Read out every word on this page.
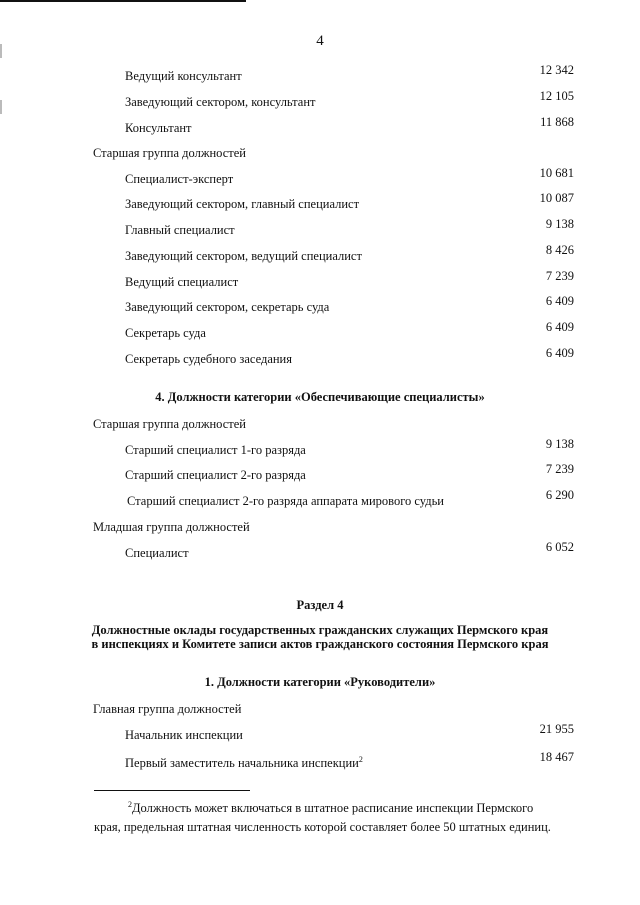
4
Ведущий консультант	12 342
Заведующий сектором, консультант	12 105
Консультант	11 868
Старшая группа должностей
Специалист-эксперт	10 681
Заведующий сектором, главный специалист	10 087
Главный специалист	9 138
Заведующий сектором, ведущий специалист	8 426
Ведущий специалист	7 239
Заведующий сектором, секретарь суда	6 409
Секретарь суда	6 409
Секретарь судебного заседания	6 409
4. Должности категории «Обеспечивающие специалисты»
Старшая группа должностей
Старший специалист 1-го разряда	9 138
Старший специалист 2-го разряда	7 239
Старший специалист 2-го разряда аппарата мирового судьи	6 290
Младшая группа должностей
Специалист	6 052
Раздел 4
Должностные оклады государственных гражданских служащих Пермского края
в инспекциях и Комитете записи актов гражданского состояния Пермского края
1. Должности категории «Руководители»
Главная группа должностей
Начальник инспекции	21 955
Первый заместитель начальника инспекции$^2$	18 467
$^2$Должность может включаться в штатное расписание инспекции Пермского
края, предельная штатная численность которой составляет более 50 штатных единиц.
